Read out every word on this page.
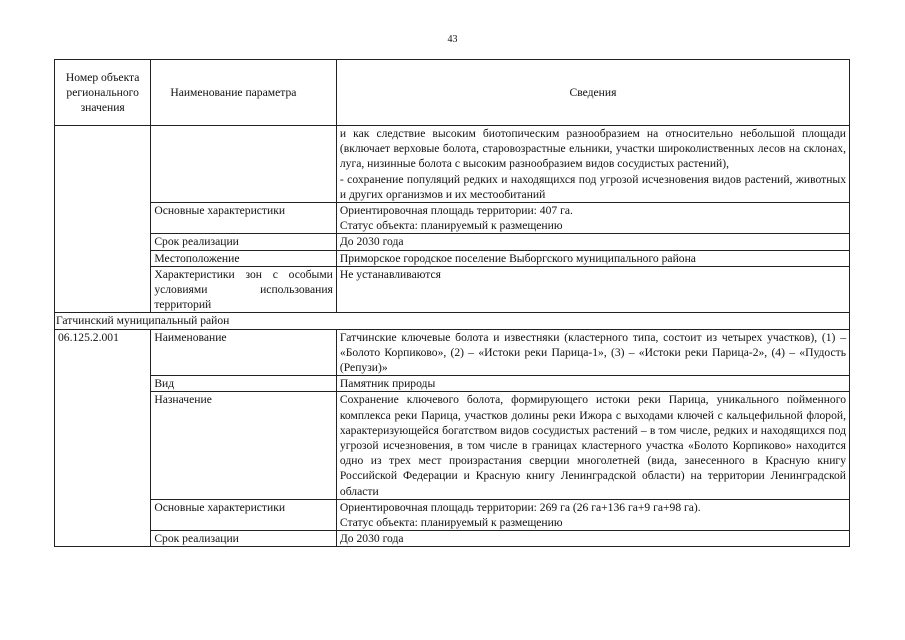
43
Номер объекта регионального значения	Наименование параметра	Сведения
		и как следствие высоким биотопическим разнообразием на относительно небольшой площади (включает верховые болота, старовозрастные ельники, участки широколиственных лесов на склонах, луга, низинные болота с высоким разнообразием видов сосудистых растений),
- сохранение популяций редких и находящихся под угрозой исчезновения видов растений, животных и других организмов и их местообитаний
	Основные характеристики	Ориентировочная площадь территории: 407 га.
Статус объекта: планируемый к размещению
	Срок реализации	До 2030 года
	Местоположение	Приморское городское поселение Выборгского муниципального района
	Характеристики зон с особыми условиями использования территорий	Не устанавливаются
Гатчинский муниципальный район		
06.125.2.001	Наименование	Гатчинские ключевые болота и известняки (кластерного типа, состоит из четырех участков), (1) – «Болото Корпиково», (2) – «Истоки реки Парица-1», (3) – «Истоки реки Парица-2», (4) – «Пудость (Репузи)»
	Вид	Памятник природы
	Назначение	Сохранение ключевого болота, формирующего истоки реки Парица, уникального пойменного комплекса реки Парица, участков долины реки Ижора с выходами ключей с кальцефильной флорой, характеризующейся богатством видов сосудистых растений – в том числе, редких и находящихся под угрозой исчезновения, в том числе в границах кластерного участка «Болото Корпиково» находится одно из трех мест произрастания сверции многолетней (вида, занесенного в Красную книгу Российской Федерации и Красную книгу Ленинградской области) на территории Ленинградской области
	Основные характеристики	Ориентировочная площадь территории: 269 га (26 га+136 га+9 га+98 га).
Статус объекта: планируемый к размещению
	Срок реализации	До 2030 года
